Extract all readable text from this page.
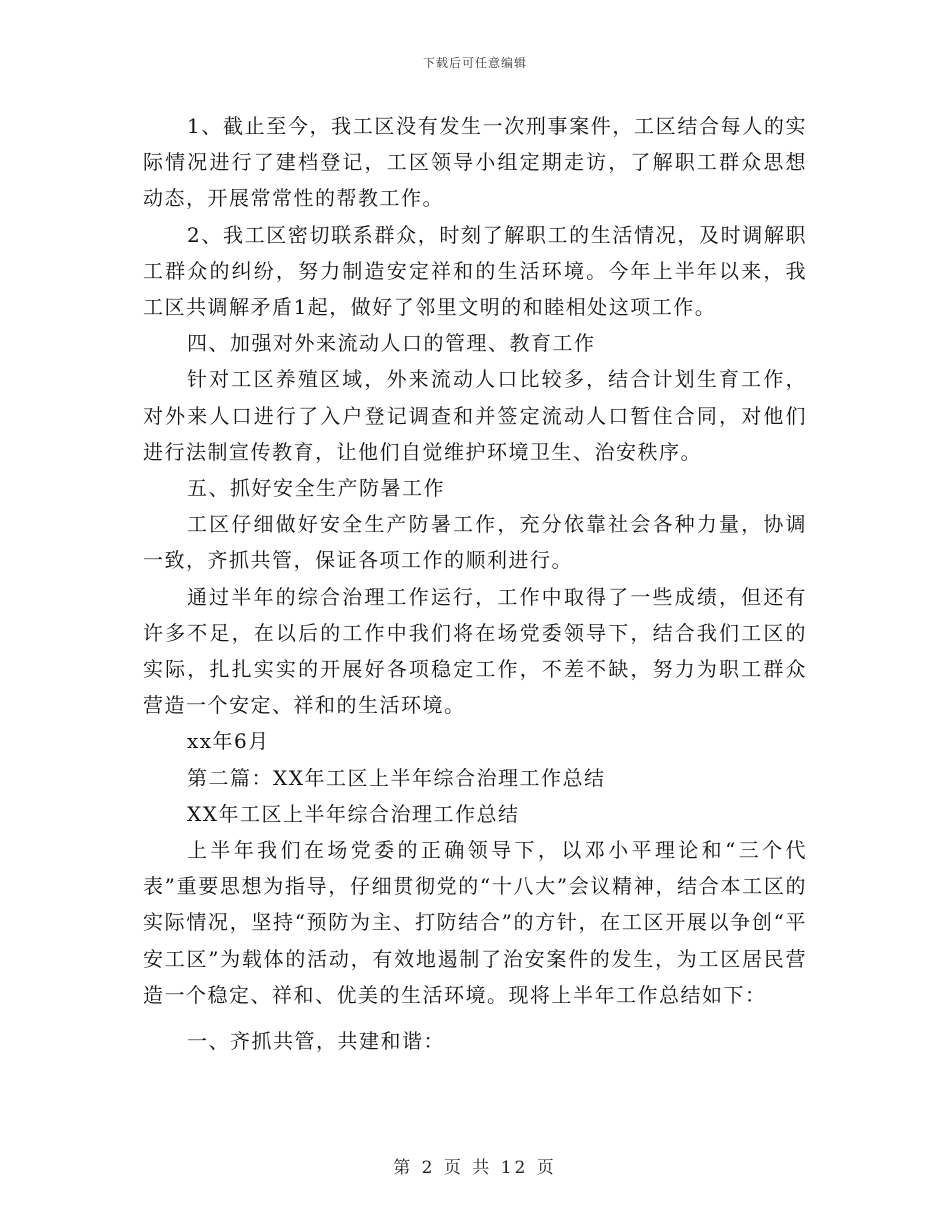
下载后可任意编辑

1、截止至今，我工区没有发生一次刑事案件，工区结合每人的实际情况进行了建档登记，工区领导小组定期走访，了解职工群众思想动态，开展常常性的帮教工作。

2、我工区密切联系群众，时刻了解职工的生活情况，及时调解职工群众的纠纷，努力制造安定祥和的生活环境。今年上半年以来，我工区共调解矛盾1起，做好了邻里文明的和睦相处这项工作。

四、加强对外来流动人口的管理、教育工作

针对工区养殖区域，外来流动人口比较多，结合计划生育工作，对外来人口进行了入户登记调查和并签定流动人口暂住合同，对他们进行法制宣传教育，让他们自觉维护环境卫生、治安秩序。

五、抓好安全生产防暑工作

工区仔细做好安全生产防暑工作，充分依靠社会各种力量，协调一致，齐抓共管，保证各项工作的顺利进行。

通过半年的综合治理工作运行，工作中取得了一些成绩，但还有许多不足，在以后的工作中我们将在场党委领导下，结合我们工区的实际，扎扎实实的开展好各项稳定工作，不差不缺，努力为职工群众营造一个安定、祥和的生活环境。

xx年6月

第二篇：XX年工区上半年综合治理工作总结

XX年工区上半年综合治理工作总结

上半年我们在场党委的正确领导下，以邓小平理论和“三个代表”重要思想为指导，仔细贯彻党的“十八大”会议精神，结合本工区的实际情况，坚持“预防为主、打防结合”的方针，在工区开展以争创“平安工区”为载体的活动，有效地遏制了治安案件的发生，为工区居民营造一个稳定、祥和、优美的生活环境。现将上半年工作总结如下：

一、齐抓共管，共建和谐：

第 2 页 共 12 页
